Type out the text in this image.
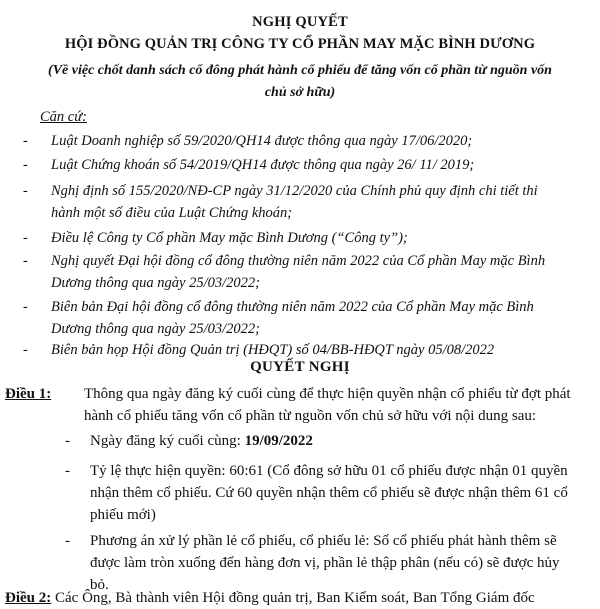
NGHỊ QUYẾT
HỘI ĐỒNG QUẢN TRỊ CÔNG TY CỔ PHẦN MAY MẶC BÌNH DƯƠNG
(Về việc chốt danh sách cổ đông phát hành cổ phiếu để tăng vốn cổ phần từ nguồn vốn
chủ sở hữu)
Căn cứ:
- Luật Doanh nghiệp số 59/2020/QH14 được thông qua ngày 17/06/2020;
- Luật Chứng khoán số 54/2019/QH14 được thông qua ngày 26/ 11/ 2019;
- Nghị định số 155/2020/NĐ-CP ngày 31/12/2020 của Chính phủ quy định chi tiết thi
hành một số điều của Luật Chứng khoán;
- Điều lệ Công ty Cổ phần May mặc Bình Dương (“Công ty”);
- Nghị quyết Đại hội đồng cổ đông thường niên năm 2022 của Cổ phần May mặc Bình
Dương thông qua ngày 25/03/2022;
- Biên bản Đại hội đồng cổ đông thường niên năm 2022 của Cổ phần May mặc Bình
Dương thông qua ngày 25/03/2022;
- Biên bản họp Hội đồng Quản trị (HĐQT) số 04/BB-HĐQT ngày 05/08/2022
QUYẾT NGHỊ
Điều 1: Thông qua ngày đăng ký cuối cùng để thực hiện quyền nhận cổ phiếu từ đợt phát
hành cổ phiếu tăng vốn cổ phần từ nguồn vốn chủ sở hữu với nội dung sau:
- Ngày đăng ký cuối cùng: 19/09/2022
- Tỷ lệ thực hiện quyền: 60:61 (Cổ đông sở hữu 01 cổ phiếu được nhận 01 quyền
nhận thêm cổ phiếu. Cứ 60 quyền nhận thêm cổ phiếu sẽ được nhận thêm 61 cổ
phiếu mới)
- Phương án xử lý phần lẻ cổ phiếu, cổ phiếu lẻ: Số cổ phiếu phát hành thêm sẽ
được làm tròn xuống đến hàng đơn vị, phần lẻ thập phân (nếu có) sẽ được hủy
bỏ.
Điều 2: Các Ông, Bà thành viên Hội đồng quản trị, Ban Kiểm soát, Ban Tổng Giám đốc
